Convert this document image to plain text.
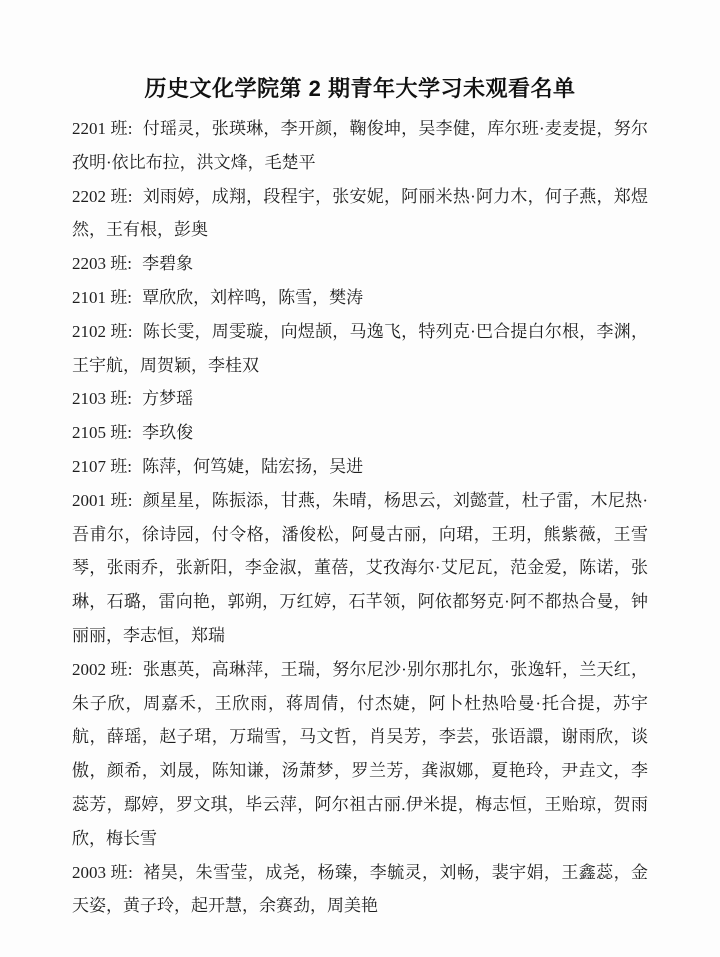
历史文化学院第 2 期青年大学习未观看名单

2201 班: 付瑶灵，张瑛琳，李开颜，鞠俊坤，吴李健，库尔班·麦麦提，努尔孜明·依比布拉，洪文烽，毛楚平

2202 班: 刘雨婷，成翔，段程宇，张安妮，阿丽米热·阿力木，何子燕，郑煜然，王有根，彭奥

2203 班: 李碧象

2101 班: 覃欣欣，刘梓鸣，陈雪，樊涛

2102 班: 陈长雯，周雯璇，向煜颉，马逸飞，特列克·巴合提白尔根，李渊，王宇航，周贺颖，李桂双

2103 班: 方梦瑶

2105 班: 李玖俊

2107 班: 陈萍，何笃婕，陆宏扬，吴进

2001 班: 颜星星，陈振添，甘燕，朱晴，杨思云，刘懿萱，杜子雷，木尼热·吾甫尔，徐诗园，付令格，潘俊松，阿曼古丽，向珺，王玥，熊紫薇，王雪琴，张雨乔，张新阳，李金淑，董蓓，艾孜海尔·艾尼瓦，范金爱，陈诺，张琳，石璐，雷向艳，郭朔，万红婷，石芊领，阿依都努克·阿不都热合曼，钟丽丽，李志恒，郑瑞

2002 班: 张惠英，高琳萍，王瑞，努尔尼沙·别尔那扎尔，张逸轩，兰天红，朱子欣，周嘉禾，王欣雨，蒋周倩，付杰婕，阿卜杜热哈曼·托合提，苏宇航，薛瑶，赵子珺，万瑞雪，马文哲，肖吴芳，李芸，张语譞，谢雨欣，谈傲，颜希，刘晟，陈知谦，汤萧梦，罗兰芳，龚淑娜，夏艳玲，尹垚文，李蕊芳，鄢婷，罗文琪，毕云萍，阿尔祖古丽.伊米提，梅志恒，王贻琼，贺雨欣，梅长雪

2003 班: 褚昊，朱雪莹，成尧，杨臻，李毓灵，刘畅，裴宇娟，王鑫蕊，金天姿，黄子玲，起开慧，余赛劲，周美艳
